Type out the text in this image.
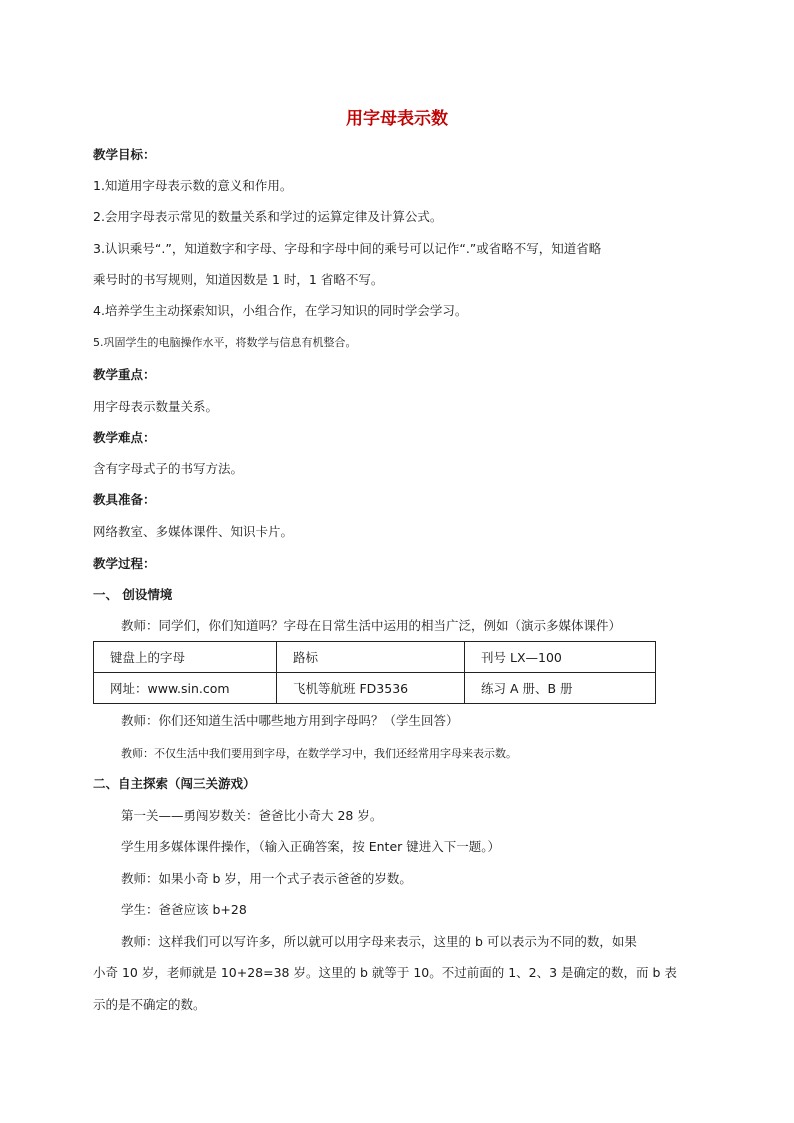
用字母表示数
教学目标：
1.知道用字母表示数的意义和作用。
2.会用字母表示常见的数量关系和学过的运算定律及计算公式。
3.认识乘号“.”，知道数字和字母、字母和字母中间的乘号可以记作“.”或省略不写，知道省略
乘号时的书写规则，知道因数是 1 时，1 省略不写。
4.培养学生主动探索知识，小组合作，在学习知识的同时学会学习。
5.巩固学生的电脑操作水平，将数学与信息有机整合。
教学重点：
用字母表示数量关系。
教学难点：
含有字母式子的书写方法。
教具准备：
网络教室、多媒体课件、知识卡片。
教学过程：
一、 创设情境
教师：同学们，你们知道吗？字母在日常生活中运用的相当广泛，例如（演示多媒体课件）
键盘上的字母	路标	刊号 LX—100
网址：www.sin.com	飞机等航班 FD3536	练习 A 册、B 册
教师：你们还知道生活中哪些地方用到字母吗？（学生回答）
教师：不仅生活中我们要用到字母，在数学学习中，我们还经常用字母来表示数。
二、自主探索（闯三关游戏）
第一关——勇闯岁数关：爸爸比小奇大 28 岁。
学生用多媒体课件操作，（输入正确答案，按 Enter 键进入下一题。）
教师：如果小奇 b 岁，用一个式子表示爸爸的岁数。
学生：爸爸应该 b+28
教师：这样我们可以写许多，所以就可以用字母来表示，这里的 b 可以表示为不同的数，如果
小奇 10 岁，老师就是 10+28=38 岁。这里的 b 就等于 10。不过前面的 1、2、3 是确定的数，而 b 表
示的是不确定的数。
